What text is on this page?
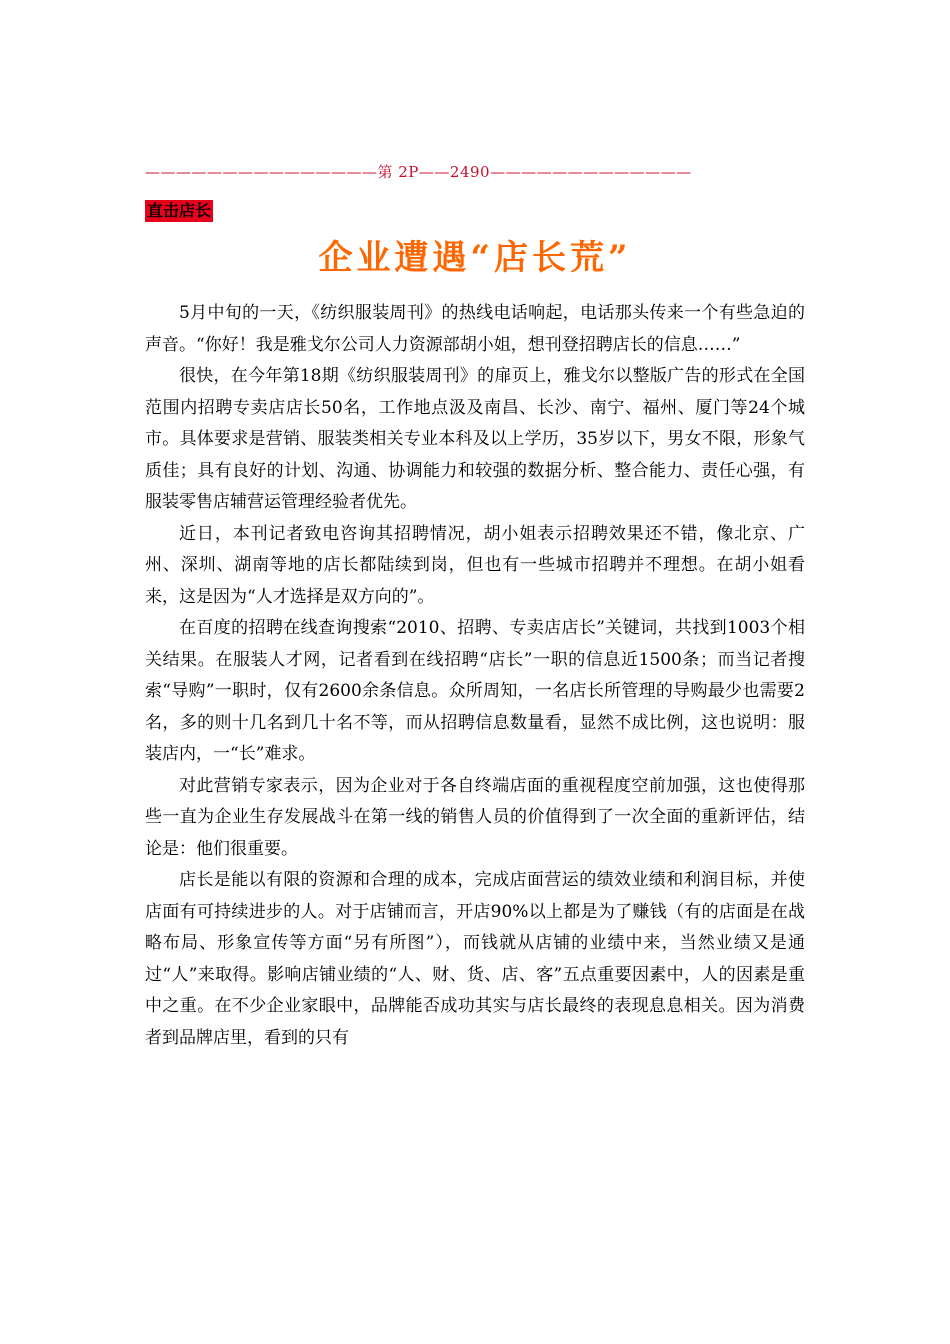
———————————————第 2P——2490—————————————
直击店长
企业遭遇“店长荒”

5月中旬的一天，《纺织服装周刊》的热线电话响起，电话那头传来一个有些急迫的声音。“你好！我是雅戈尔公司人力资源部胡小姐，想刊登招聘店长的信息……”

很快，在今年第18期《纺织服装周刊》的扉页上，雅戈尔以整版广告的形式在全国范围内招聘专卖店店长50名，工作地点汲及南昌、长沙、南宁、福州、厦门等24个城市。具体要求是营销、服装类相关专业本科及以上学历，35岁以下，男女不限，形象气质佳；具有良好的计划、沟通、协调能力和较强的数据分析、整合能力、责任心强，有服装零售店辅营运管理经验者优先。

近日，本刊记者致电咨询其招聘情况，胡小姐表示招聘效果还不错，像北京、广州、深圳、湖南等地的店长都陆续到岗，但也有一些城市招聘并不理想。在胡小姐看来，这是因为“人才选择是双方向的”。

在百度的招聘在线查询搜索“2010、招聘、专卖店店长”关键词，共找到1003个相关结果。在服装人才网，记者看到在线招聘“店长”一职的信息近1500条；而当记者搜索“导购”一职时，仅有2600余条信息。众所周知，一名店长所管理的导购最少也需要2名，多的则十几名到几十名不等，而从招聘信息数量看，显然不成比例，这也说明：服装店内，一“长”难求。

对此营销专家表示，因为企业对于各自终端店面的重视程度空前加强，这也使得那些一直为企业生存发展战斗在第一线的销售人员的价值得到了一次全面的重新评估，结论是：他们很重要。

店长是能以有限的资源和合理的成本，完成店面营运的绩效业绩和利润目标，并使店面有可持续进步的人。对于店铺而言，开店90%以上都是为了赚钱（有的店面是在战略布局、形象宣传等方面“另有所图”），而钱就从店铺的业绩中来，当然业绩又是通过“人”来取得。影响店铺业绩的“人、财、货、店、客”五点重要因素中，人的因素是重中之重。在不少企业家眼中，品牌能否成功其实与店长最终的表现息息相关。因为消费者到品牌店里，看到的只有
